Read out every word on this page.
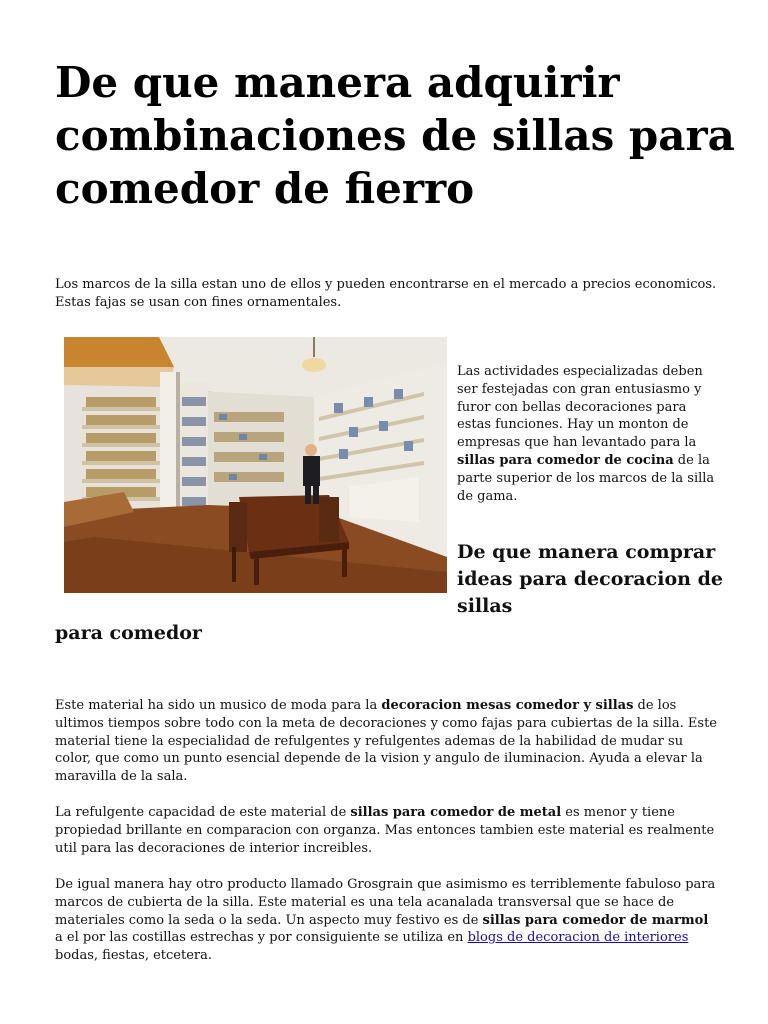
De que manera adquirir combinaciones de sillas para comedor de fierro

Los marcos de la silla estan uno de ellos y pueden encontrarse en el mercado a precios economicos. Estas fajas se usan con fines ornamentales.

Las actividades especializadas deben ser festejadas con gran entusiasmo y furor con bellas decoraciones para estas funciones. Hay un monton de empresas que han levantado para la sillas para comedor de cocina de la parte superior de los marcos de la silla de gama.

De que manera comprar ideas para decoracion de sillas
para comedor

Este material ha sido un musico de moda para la decoracion mesas comedor y sillas de los ultimos tiempos sobre todo con la meta de decoraciones y como fajas para cubiertas de la silla. Este material tiene la especialidad de refulgentes y refulgentes ademas de la habilidad de mudar su color, que como un punto esencial depende de la vision y angulo de iluminacion. Ayuda a elevar la maravilla de la sala.

La refulgente capacidad de este material de sillas para comedor de metal es menor y tiene propiedad brillante en comparacion con organza. Mas entonces tambien este material es realmente util para las decoraciones de interior increibles.

De igual manera hay otro producto llamado Grosgrain que asimismo es terriblemente fabuloso para marcos de cubierta de la silla. Este material es una tela acanalada transversal que se hace de materiales como la seda o la seda. Un aspecto muy festivo es de sillas para comedor de marmol a el por las costillas estrechas y por consiguiente se utiliza en blogs de decoracion de interiores bodas, fiestas, etcetera.
